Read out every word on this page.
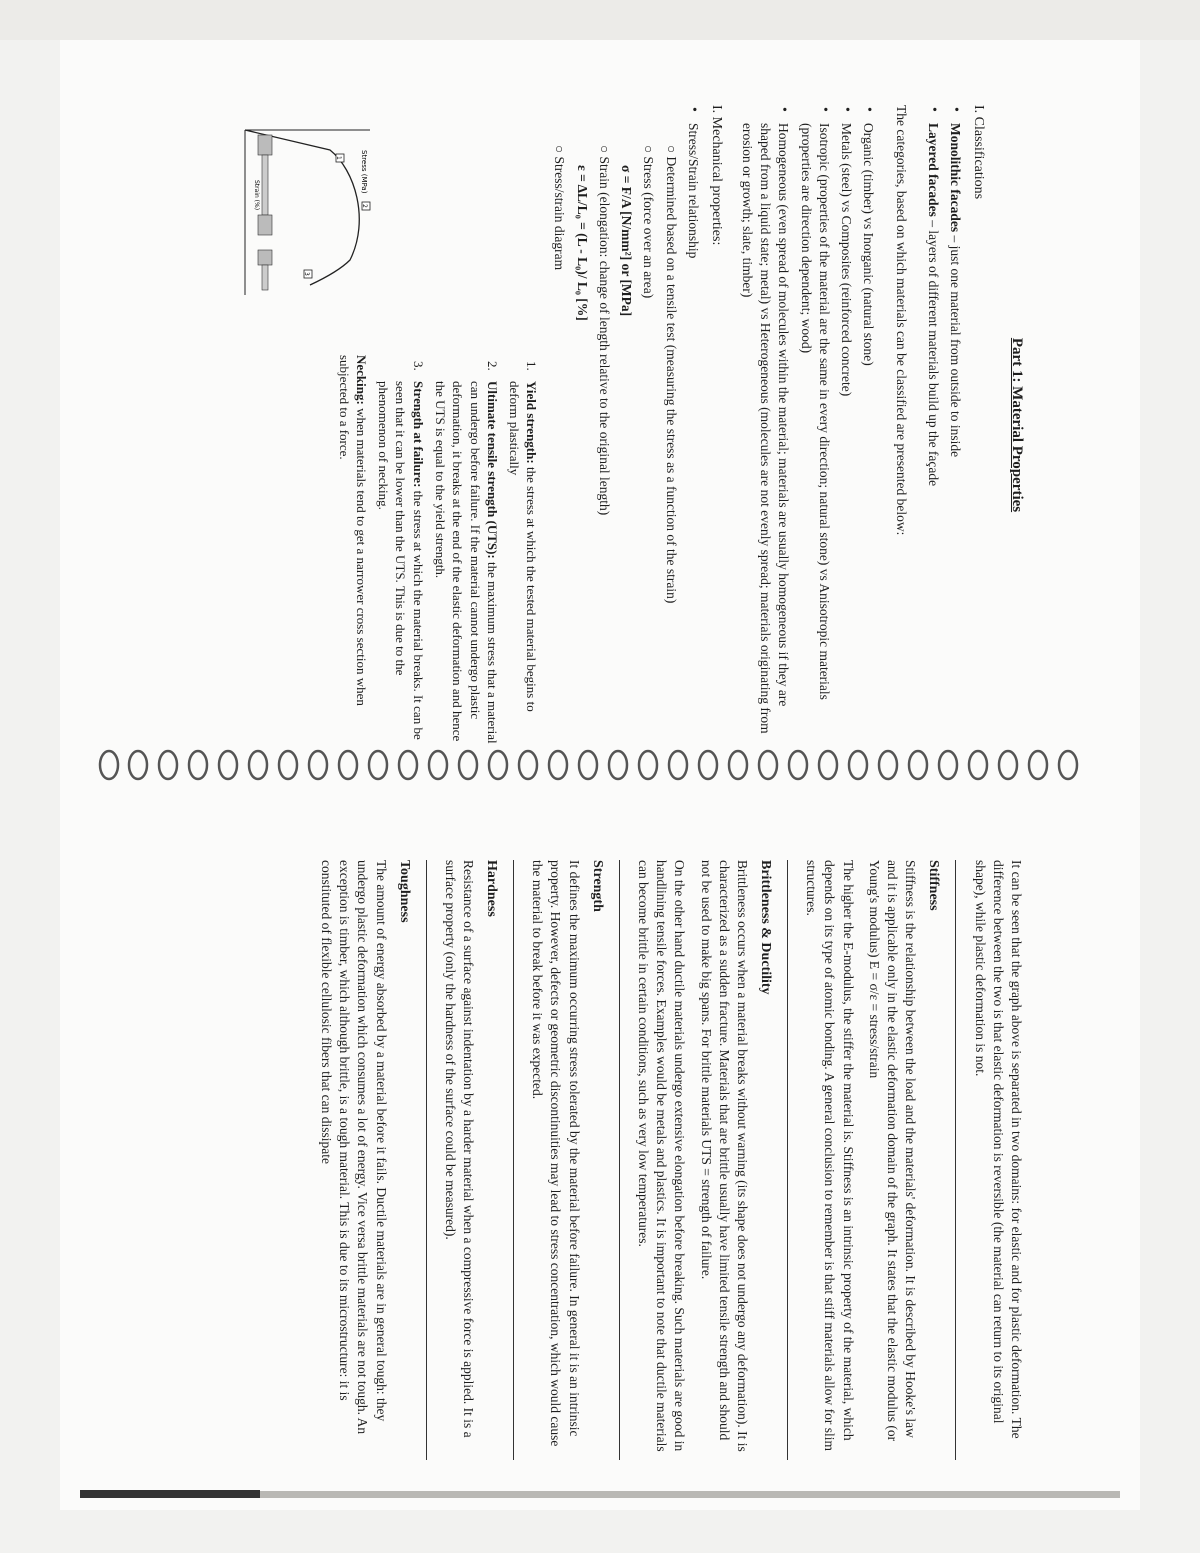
Part 1: Material Properties
I. Classifications
• Monolithic facades – just one material from outside to inside
• Layered facades – layers of different materials build up the façade
The categories, based on which materials can be classified are presented below:
• Organic (timber) vs Inorganic (natural stone)
• Metals (steel) vs Composites (reinforced concrete)
• Isotropic (properties of the material are the same in every direction; natural stone) vs Anisotropic materials (properties are direction dependent; wood)
• Homogeneous (even spread of molecules within the material; materials are usually homogeneous if they are shaped from a liquid state; metal) vs Heterogeneous (molecules are not evenly spread; materials originating from erosion or growth; slate, timber)
I. Mechanical properties:
• Stress/Strain relationship
○ Determined based on a tensile test (measuring the stress as a function of the strain)
○ Stress (force over an area)
σ = F/A [N/mm²] or [MPa]
○ Strain (elongation: change of length relative to the original length)
ε = ΔL/L₀ = (L - L₀)/ L₀ [%]
○ Stress/strain diagram
1.
Yield strength: the stress at which the tested material begins to deform plastically
2.
Ultimate tensile strength (UTS): the maximum stress that a material can undergo before failure. If the material cannot undergo plastic deformation, it breaks at the end of the elastic deformation and hence the UTS is equal to the yield strength.
3.
Strength at failure: the stress at which the material breaks. It can be seen that it can be lower than the UTS. This is due to the phenomenon of necking.
Necking: when materials tend to get a narrower cross section when subjected to a force.
Stress (MPa)
1
2
3
Strain (%)
It can be seen that the graph above is separated in two domains: for elastic and for plastic deformation. The difference between the two is that elastic deformation is reversible (the material can return to its original shape), while plastic deformation is not.
Stiffness
Stiffness is the relationship between the load and the materials' deformation. It is described by Hooke's law and it is applicable only in the elastic deformation domain of the graph. It states that the elastic modulus (or Young's modulus) E = σ/ε = stress/strain
The higher the E-modulus, the stiffer the material is. Stiffness is an intrinsic property of the material, which depends on its type of atomic bonding. A general conclusion to remember is that stiff materials allow for slim structures.
Brittleness & Ductility
Brittleness occurs when a material breaks without warning (its shape does not undergo any deformation). It is characterized as a sudden fracture. Materials that are brittle usually have limited tensile strength and should not be used to make big spans. For brittle materials UTS = strength of failure.
On the other hand ductile materials undergo extensive elongation before breaking. Such materials are good in handlining tensile forces. Examples would be metals and plastics. It is important to note that ductile materials can become brittle in certain conditions, such as very low temperatures.
Strength
It defines the maximum occurring stress tolerated by the material before failure. In general it is an intrinsic property. However, defects or geometric discontinuities may lead to stress concentration, which would cause the material to break before it was expected.
Hardness
Resistance of a surface against indentation by a harder material when a compressive force is applied. It is a surface property (only the hardness of the surface could be measured).
Toughness
The amount of energy absorbed by a material before it fails. Ductile materials are in general tough: they undergo plastic deformation which consumes a lot of energy. Vice versa brittle materials are not tough. An exception is timber, which although brittle, is a tough material. This is due to its microstructure: it is constituted of flexible cellulosic fibers that can dissipate
